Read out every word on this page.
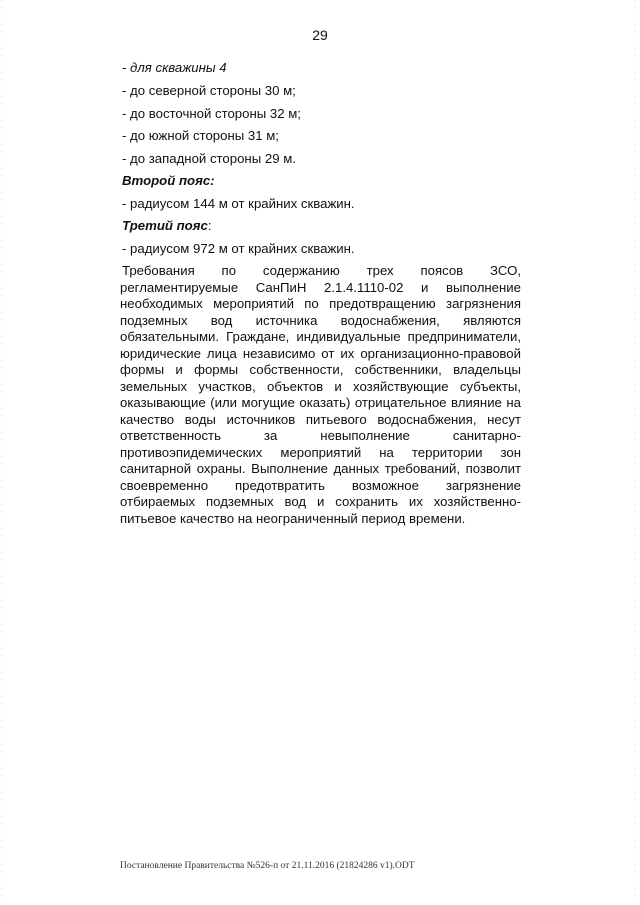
29
- для скважины 4
- до северной стороны 30 м;
- до восточной стороны 32 м;
- до южной стороны 31 м;
- до западной стороны 29 м.
Второй пояс:
- радиусом 144 м от крайних скважин.
Третий пояс:
- радиусом 972 м от крайних скважин.

Требования по содержанию трех поясов ЗСО, регламентируемые СанПиН 2.1.4.1110-02 и выполнение необходимых мероприятий по предотвращению загрязнения подземных вод источника водоснабжения, являются обязательными. Граждане, индивидуальные предприниматели, юридические лица независимо от их организационно-правовой формы и формы собственности, собственники, владельцы земельных участков, объектов и хозяйствующие субъекты, оказывающие (или могущие оказать) отрицательное влияние на качество воды источников питьевого водоснабжения, несут ответственность за невыполнение санитарно-противоэпидемических мероприятий на территории зон санитарной охраны. Выполнение данных требований, позволит своевременно предотвратить возможное загрязнение отбираемых подземных вод и сохранить их хозяйственно-питьевое качество на неограниченный период времени.

Постановление Правительства №526-п от 21.11.2016 (21824286 v1).ODT
